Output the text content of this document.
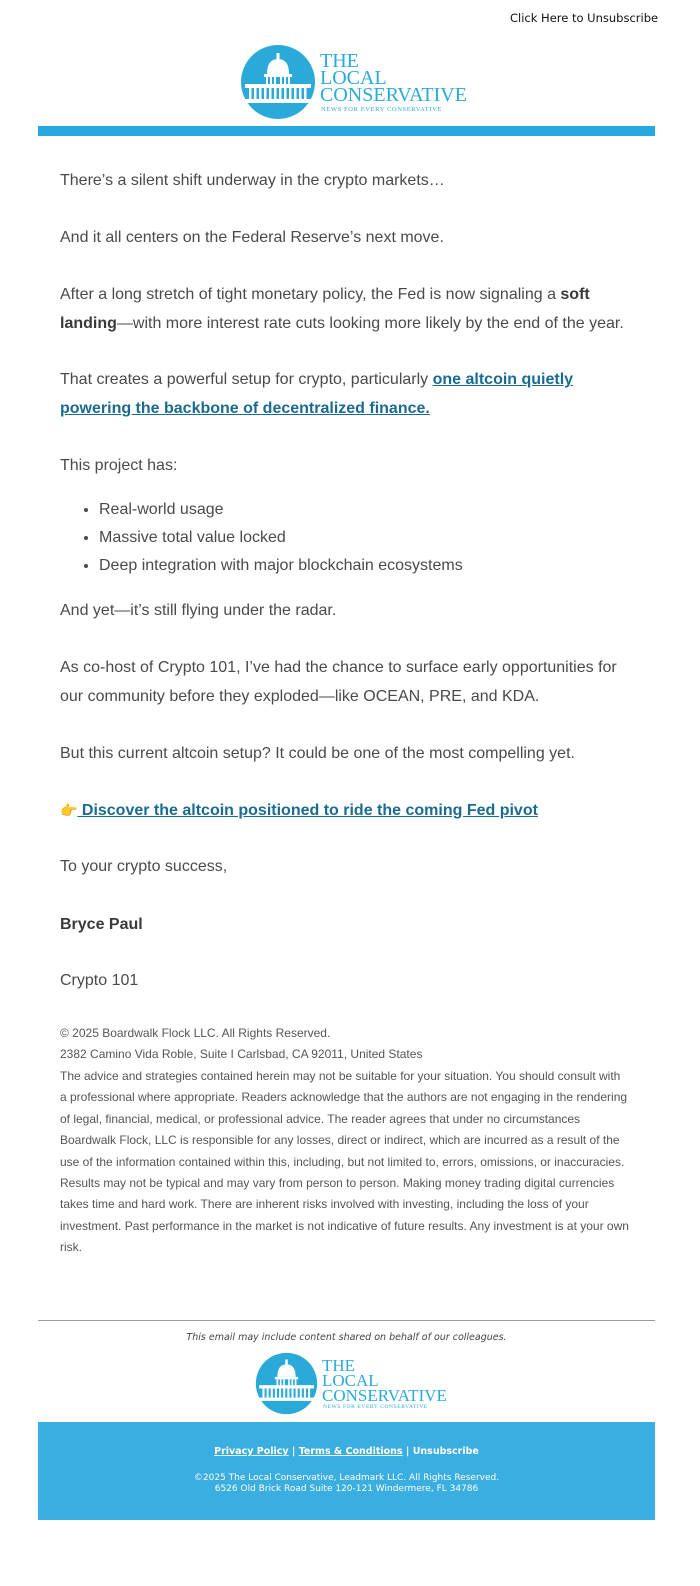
Click Here to Unsubscribe
THE
LOCAL
CONSERVATIVE
NEWS FOR EVERY CONSERVATIVE
There’s a silent shift underway in the crypto markets…
And it all centers on the Federal Reserve’s next move.
After a long stretch of tight monetary policy, the Fed is now signaling a soft landing—with more interest rate cuts looking more likely by the end of the year.
That creates a powerful setup for crypto, particularly one altcoin quietly powering the backbone of decentralized finance.
This project has:
• Real-world usage
• Massive total value locked
• Deep integration with major blockchain ecosystems
And yet—it’s still flying under the radar.
As co-host of Crypto 101, I’ve had the chance to surface early opportunities for our community before they exploded—like OCEAN, PRE, and KDA.
But this current altcoin setup? It could be one of the most compelling yet.
👉 Discover the altcoin positioned to ride the coming Fed pivot
To your crypto success,
Bryce Paul
Crypto 101
© 2025 Boardwalk Flock LLC. All Rights Reserved.
2382 Camino Vida Roble, Suite I Carlsbad, CA 92011, United States
The advice and strategies contained herein may not be suitable for your situation. You should consult with a professional where appropriate. Readers acknowledge that the authors are not engaging in the rendering of legal, financial, medical, or professional advice. The reader agrees that under no circumstances Boardwalk Flock, LLC is responsible for any losses, direct or indirect, which are incurred as a result of the use of the information contained within this, including, but not limited to, errors, omissions, or inaccuracies.
Results may not be typical and may vary from person to person. Making money trading digital currencies takes time and hard work. There are inherent risks involved with investing, including the loss of your investment. Past performance in the market is not indicative of future results. Any investment is at your own risk.
This email may include content shared on behalf of our colleagues.
THE
LOCAL
CONSERVATIVE
NEWS FOR EVERY CONSERVATIVE
Privacy Policy | Terms & Conditions | Unsubscribe
©2025 The Local Conservative, Leadmark LLC. All Rights Reserved.
6526 Old Brick Road Suite 120-121 Windermere, FL 34786
